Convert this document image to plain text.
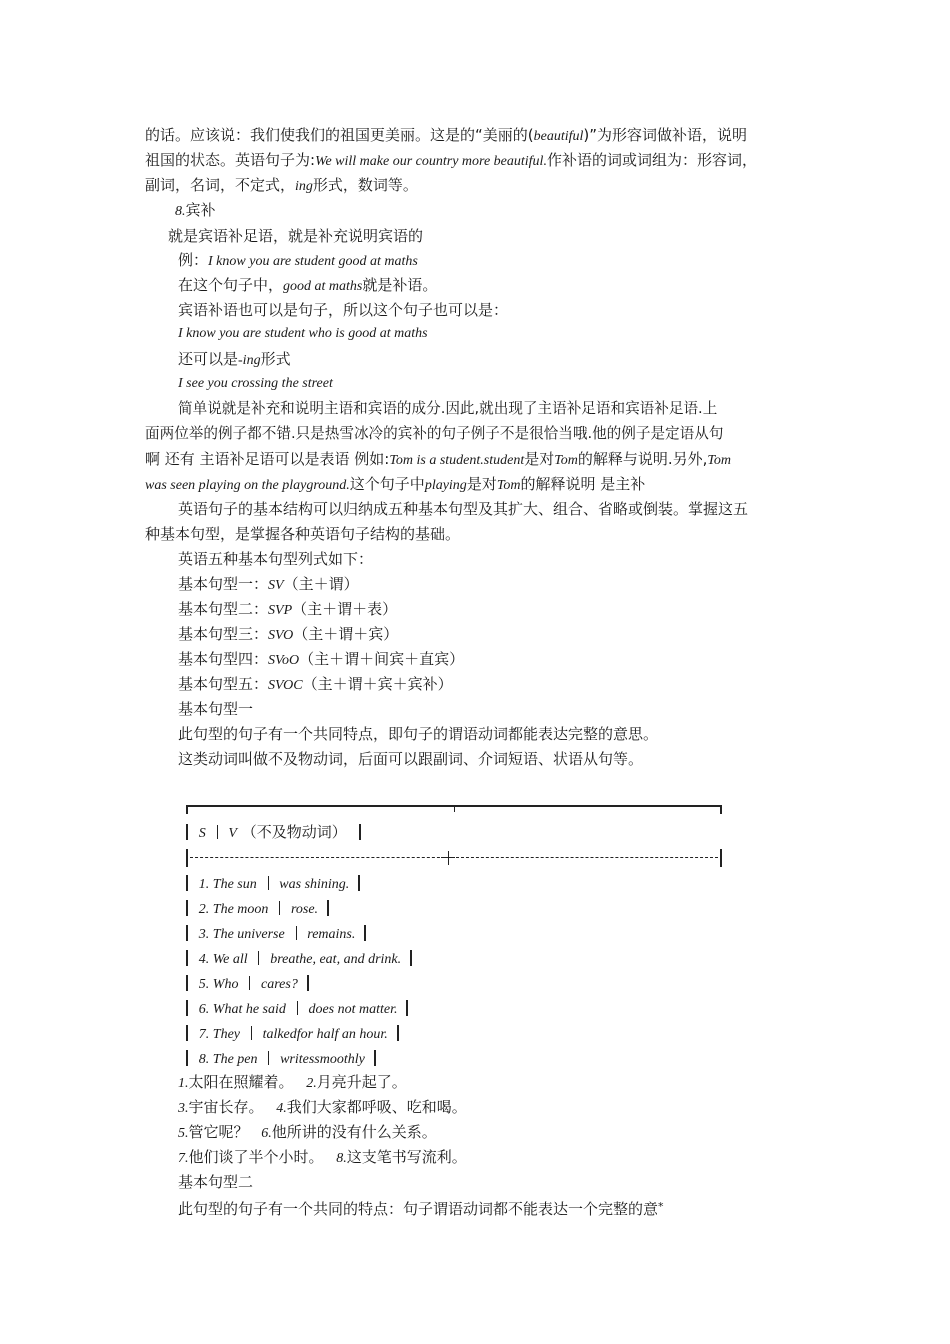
的话。应该说：我们使我们的祖国更美丽。这是的“美丽的(beautiful)”为形容词做补语，说明
祖国的状态。英语句子为:We will make our country more beautiful.作补语的词或词组为：形容词，
副词，名词，不定式，ing形式，数词等。
8.宾补
就是宾语补足语，就是补充说明宾语的
例：I know you are student good at maths
在这个句子中，good at maths就是补语。
宾语补语也可以是句子，所以这个句子也可以是：
I know you are student who is good at maths
还可以是-ing形式
I see you crossing the street
简单说就是补充和说明主语和宾语的成分.因此,就出现了主语补足语和宾语补足语.上
面两位举的例子都不错.只是热雪冰冷的宾补的句子例子不是很恰当哦.他的例子是定语从句
啊 还有 主语补足语可以是表语 例如:Tom is a student.student是对Tom的解释与说明.另外,Tom
was seen playing on the playground.这个句子中playing是对Tom的解释说明 是主补
英语句子的基本结构可以归纳成五种基本句型及其扩大、组合、省略或倒装。掌握这五
种基本句型，是掌握各种英语句子结构的基础。
英语五种基本句型列式如下：
基本句型一：SV（主＋谓）
基本句型二：SVP（主＋谓＋表）
基本句型三：SVO（主＋谓＋宾）
基本句型四：SVoO（主＋谓＋间宾＋直宾）
基本句型五：SVOC（主＋谓＋宾＋宾补）
基本句型一
此句型的句子有一个共同特点，即句子的谓语动词都能表达完整的意思。
这类动词叫做不及物动词，后面可以跟副词、介词短语、状语从句等。
S V （不及物动词）
1. The sun was shining.
2. The moon rose.
3. The universe remains.
4. We all breathe, eat, and drink.
5. Who cares?
6. What he said does not matter.
7. They talkedfor half an hour.
8. The pen writessmoothly
1.太阳在照耀着。 2.月亮升起了。
3.宇宙长存。 4.我们大家都呼吸、吃和喝。
5.管它呢？ 6.他所讲的没有什么关系。
7.他们谈了半个小时。 8.这支笔书写流利。
基本句型二
此句型的句子有一个共同的特点：句子谓语动词都不能表达一个完整的意*
